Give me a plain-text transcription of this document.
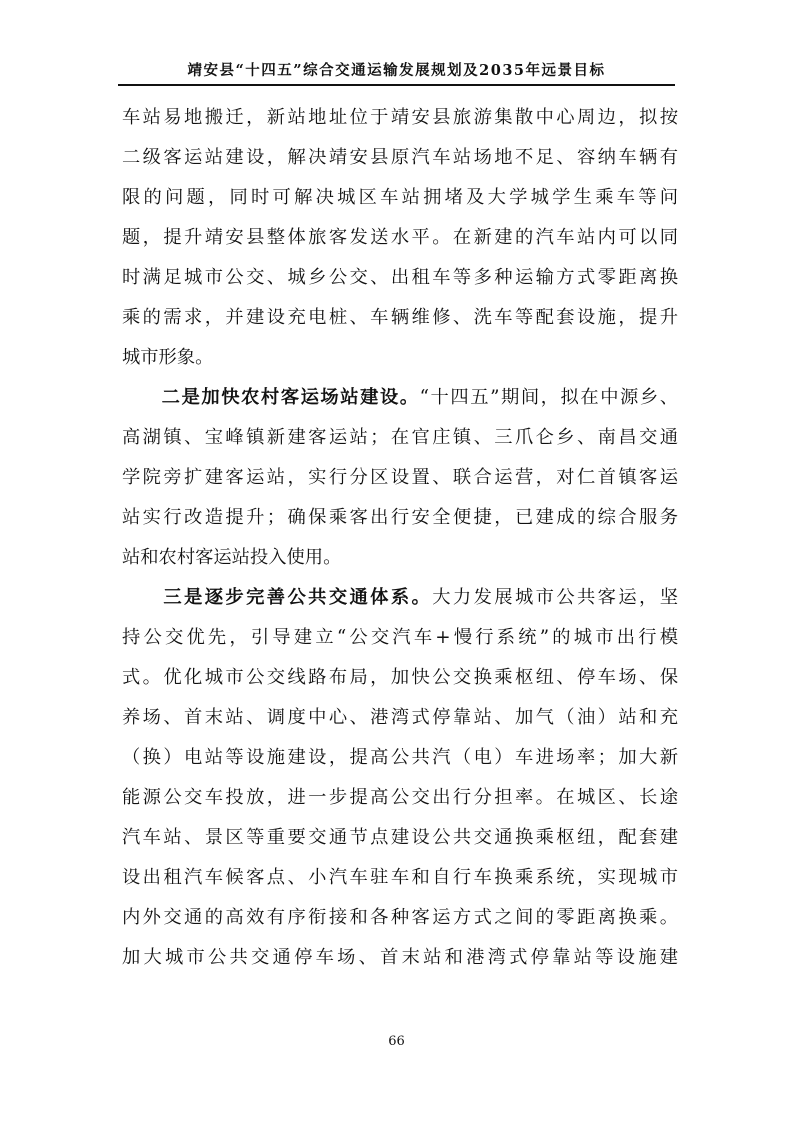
靖安县“十四五”综合交通运输发展规划及2035年远景目标
车站易地搬迁，新站地址位于靖安县旅游集散中心周边，拟按
二级客运站建设，解决靖安县原汽车站场地不足、容纳车辆有
限的问题，同时可解决城区车站拥堵及大学城学生乘车等问
题，提升靖安县整体旅客发送水平。在新建的汽车站内可以同
时满足城市公交、城乡公交、出租车等多种运输方式零距离换
乘的需求，并建设充电桩、车辆维修、洗车等配套设施，提升
城市形象。
　　二是加快农村客运场站建设。“十四五”期间，拟在中源乡、
高湖镇、宝峰镇新建客运站；在官庄镇、三爪仑乡、南昌交通
学院旁扩建客运站，实行分区设置、联合运营，对仁首镇客运
站实行改造提升；确保乘客出行安全便捷，已建成的综合服务
站和农村客运站投入使用。
　　三是逐步完善公共交通体系。大力发展城市公共客运，坚
持公交优先，引导建立“公交汽车+慢行系统”的城市出行模
式。优化城市公交线路布局，加快公交换乘枢纽、停车场、保
养场、首末站、调度中心、港湾式停靠站、加气（油）站和充
（换）电站等设施建设，提高公共汽（电）车进场率；加大新
能源公交车投放，进一步提高公交出行分担率。在城区、长途
汽车站、景区等重要交通节点建设公共交通换乘枢纽，配套建
设出租汽车候客点、小汽车驻车和自行车换乘系统，实现城市
内外交通的高效有序衔接和各种客运方式之间的零距离换乘。
加大城市公共交通停车场、首末站和港湾式停靠站等设施建
66
